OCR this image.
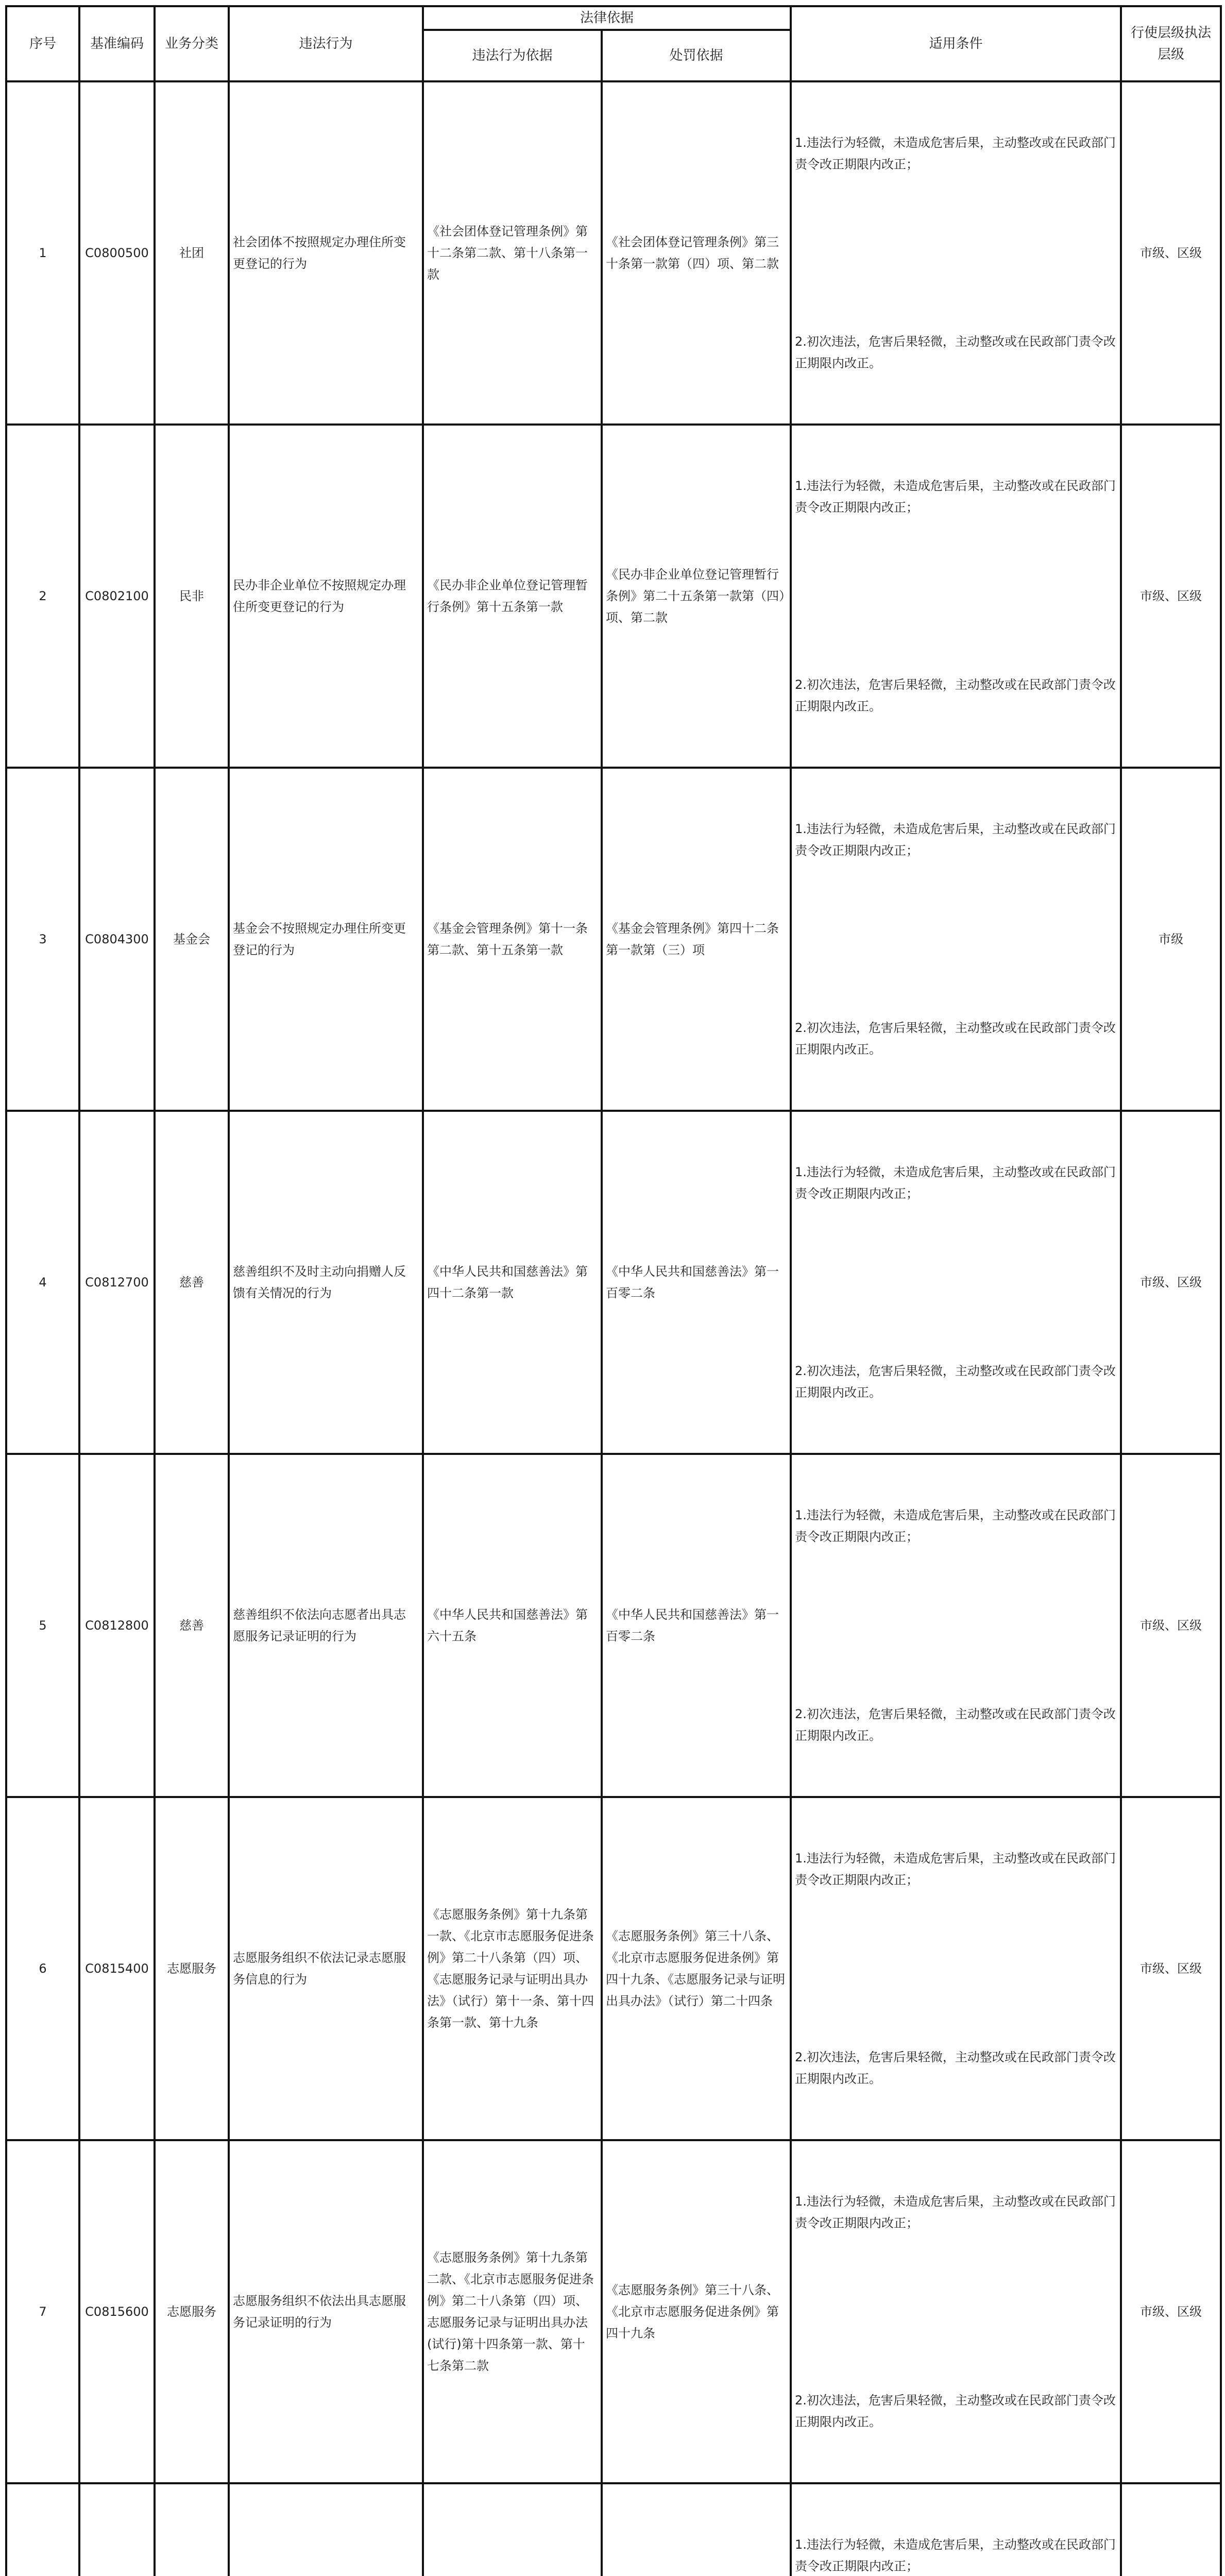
序号	基准编码	业务分类	违法行为	法律依据		适用条件	行使层级执法层级
				违法行为依据	处罚依据		
1	C0800500	社团	社会团体不按照规定办理住所变更登记的行为	《社会团体登记管理条例》第十二条第二款、第十八条第一款	《社会团体登记管理条例》第三十条第一款第（四）项、第二款	1.违法行为轻微，未造成危害后果，主动整改或在民政部门责令改正期限内改正；
2.初次违法，危害后果轻微，主动整改或在民政部门责令改正期限内改正。	市级、区级
2	C0802100	民非	民办非企业单位不按照规定办理住所变更登记的行为	《民办非企业单位登记管理暂行条例》第十五条第一款	《民办非企业单位登记管理暂行条例》第二十五条第一款第（四）项、第二款	1.违法行为轻微，未造成危害后果，主动整改或在民政部门责令改正期限内改正；
2.初次违法，危害后果轻微，主动整改或在民政部门责令改正期限内改正。	市级、区级
3	C0804300	基金会	基金会不按照规定办理住所变更登记的行为	《基金会管理条例》第十一条第二款、第十五条第一款	《基金会管理条例》第四十二条第一款第（三）项	1.违法行为轻微，未造成危害后果，主动整改或在民政部门责令改正期限内改正；
2.初次违法，危害后果轻微，主动整改或在民政部门责令改正期限内改正。	市级
4	C0812700	慈善	慈善组织不及时主动向捐赠人反馈有关情况的行为	《中华人民共和国慈善法》第四十二条第一款	《中华人民共和国慈善法》第一百零二条	1.违法行为轻微，未造成危害后果，主动整改或在民政部门责令改正期限内改正；
2.初次违法，危害后果轻微，主动整改或在民政部门责令改正期限内改正。	市级、区级
5	C0812800	慈善	慈善组织不依法向志愿者出具志愿服务记录证明的行为	《中华人民共和国慈善法》第六十五条	《中华人民共和国慈善法》第一百零二条	1.违法行为轻微，未造成危害后果，主动整改或在民政部门责令改正期限内改正；
2.初次违法，危害后果轻微，主动整改或在民政部门责令改正期限内改正。	市级、区级
6	C0815400	志愿服务	志愿服务组织不依法记录志愿服务信息的行为	《志愿服务条例》第十九条第一款、《北京市志愿服务促进条例》第二十八条第（四）项、《志愿服务记录与证明出具办法》（试行）第十一条、第十四条第一款、第十九条	《志愿服务条例》第三十八条、《北京市志愿服务促进条例》第四十九条、《志愿服务记录与证明出具办法》（试行）第二十四条	1.违法行为轻微，未造成危害后果，主动整改或在民政部门责令改正期限内改正；
2.初次违法，危害后果轻微，主动整改或在民政部门责令改正期限内改正。	市级、区级
7	C0815600	志愿服务	志愿服务组织不依法出具志愿服务记录证明的行为	《志愿服务条例》第十九条第二款、《北京市志愿服务促进条例》第二十八条第（四）项、志愿服务记录与证明出具办法(试行)第十四条第一款、第十七条第二款	《志愿服务条例》第三十八条、《北京市志愿服务促进条例》第四十九条	1.违法行为轻微，未造成危害后果，主动整改或在民政部门责令改正期限内改正；
2.初次违法，危害后果轻微，主动整改或在民政部门责令改正期限内改正。	市级、区级

1.违法行为轻微，未造成危害后果，主动整改或在民政部门责令改正期限内改正；
